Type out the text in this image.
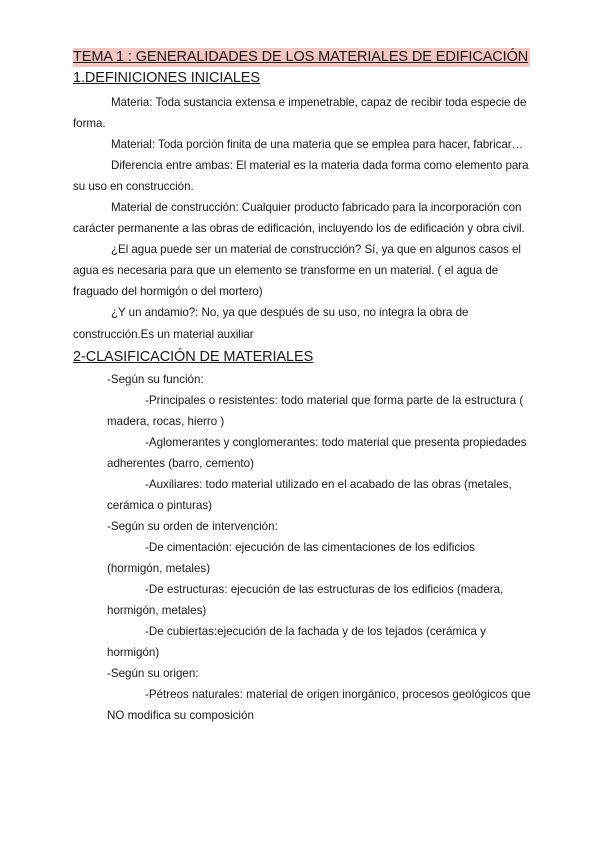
TEMA 1 : GENERALIDADES DE LOS MATERIALES DE EDIFICACIÓN
1.DEFINICIONES INICIALES

Materia: Toda sustancia extensa e impenetrable, capaz de recibir toda especie de forma.

Material: Toda porción finita de una materia que se emplea para hacer, fabricar…

Diferencia entre ambas: El material es la materia dada forma como elemento para su uso en construcción.

Material de construcción: Cualquier producto fabricado para la incorporación con carácter permanente a las obras de edificación, incluyendo los de edificación y obra civil.

¿El agua puede ser un material de construcción? Sí, ya que en algunos casos el agua es necesaria para que un elemento se transforme en un material. ( el agua de fraguado del hormigón o del mortero)

¿Y un andamio?: No, ya que después de su uso, no integra la obra de construcción.Es un material auxiliar

2-CLASIFICACIÓN DE MATERIALES

-Según su función:

-Principales o resistentes: todo material que forma parte de la estructura ( madera, rocas, hierro )

-Aglomerantes y conglomerantes: todo material que presenta propiedades adherentes (barro, cemento)

-Auxiliares: todo material utilizado en el acabado de las obras (metales, cerámica o pinturas)

-Según su orden de intervención:

-De cimentación: ejecución de las cimentaciones de los edificios (hormigón, metales)

-De estructuras: ejecución de las estructuras de los edificios (madera, hormigón, metales)

-De cubiertas:ejecución de la fachada y de los tejados (cerámica y hormigón)

-Según su origen:

-Pétreos naturales: material de origen inorgánico, procesos geológicos que NO modifica su composición
